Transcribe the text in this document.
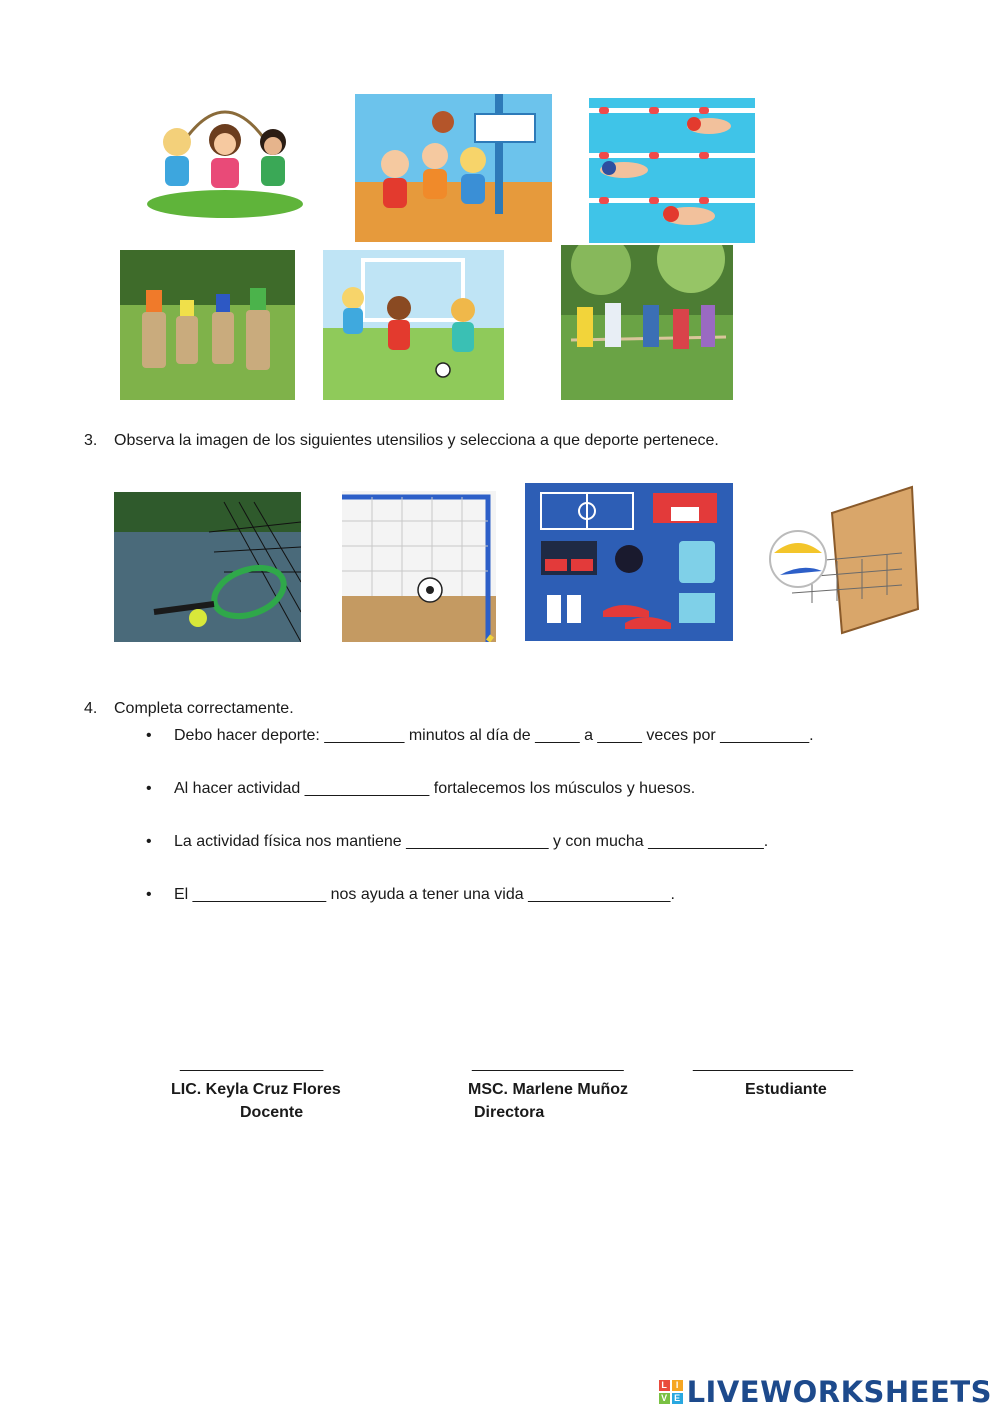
3. Observa la imagen de los siguientes utensilios y selecciona a que deporte pertenece.
4. Completa correctamente.
• Debo hacer deporte: _________ minutos al día de _____ a _____ veces por __________.
• Al hacer actividad ______________ fortalecemos los músculos y huesos.
• La actividad física nos mantiene ________________ y con mucha _____________.
• El _______________ nos ayuda a tener una vida ________________.
_________________
LIC. Keyla Cruz Flores
Docente
__________________
MSC. Marlene Muñoz
Directora
___________________
Estudiante
L I
V E LIVEWORKSHEETS
